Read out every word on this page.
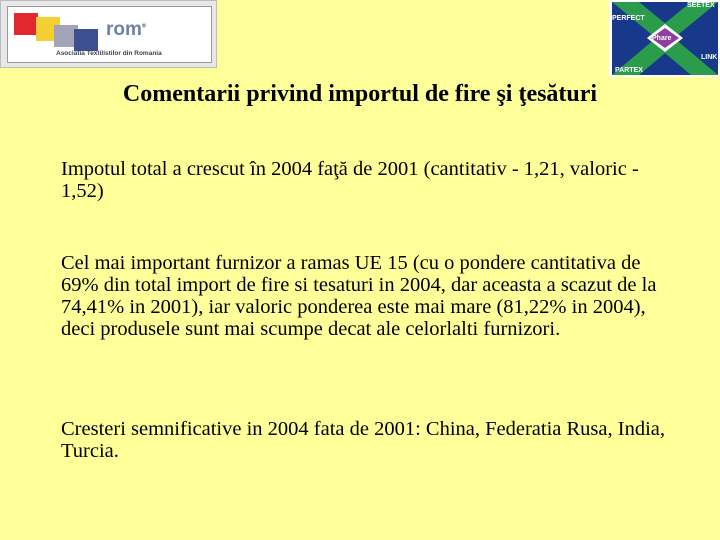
rom®
Asociatia Textilistilor din Romania
SEETEX
PERFECT
Phare
LINK
PARTEX
Comentarii privind importul de fire şi ţesături
Impotul total a crescut în 2004 faţă de 2001 (cantitativ - 1,21, valoric - 1,52)
Cel mai important furnizor a ramas UE 15 (cu o pondere cantitativa de 69% din total import de fire si tesaturi in 2004, dar aceasta a scazut de la 74,41% in 2001), iar valoric ponderea este mai mare (81,22% in 2004), deci produsele sunt mai scumpe decat ale celorlalti furnizori.
Cresteri semnificative in 2004 fata de 2001: China, Federatia Rusa, India, Turcia.
